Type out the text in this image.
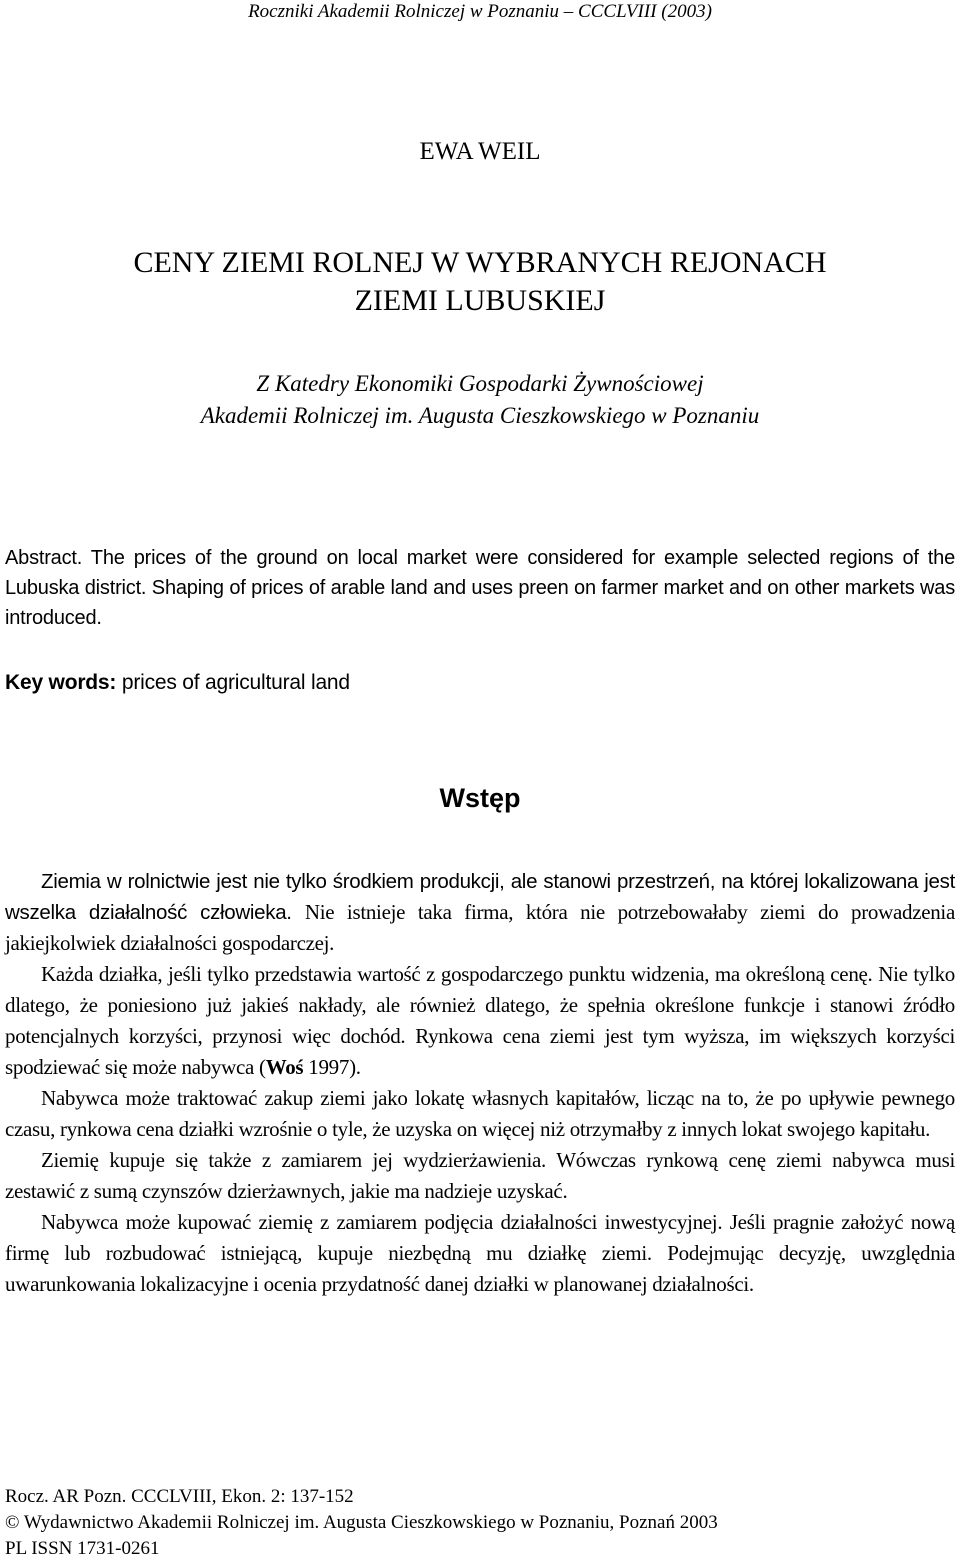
Roczniki Akademii Rolniczej w Poznaniu – CCCLVIII (2003)
EWA WEIL
CENY ZIEMI ROLNEJ W WYBRANYCH REJONACH
ZIEMI LUBUSKIEJ
Z Katedry Ekonomiki Gospodarki Żywnościowej
Akademii Rolniczej im. Augusta Cieszkowskiego w Poznaniu
Abstract. The prices of the ground on local market were considered for example selected regions of the Lubuska district. Shaping of prices of arable land and uses preen on farmer market and on other markets was introduced.
Key words: prices of agricultural land
Wstęp

Ziemia w rolnictwie jest nie tylko środkiem produkcji, ale stanowi przestrzeń, na której lokalizowana jest wszelka działalność człowieka. Nie istnieje taka firma, która nie potrzebowałaby ziemi do prowadzenia jakiejkolwiek działalności gospodarczej.

Każda działka, jeśli tylko przedstawia wartość z gospodarczego punktu widzenia, ma określoną cenę. Nie tylko dlatego, że poniesiono już jakieś nakłady, ale również dlatego, że spełnia określone funkcje i stanowi źródło potencjalnych korzyści, przynosi więc dochód. Rynkowa cena ziemi jest tym wyższa, im większych korzyści spodziewać się może nabywca (Woś 1997).

Nabywca może traktować zakup ziemi jako lokatę własnych kapitałów, licząc na to, że po upływie pewnego czasu, rynkowa cena działki wzrośnie o tyle, że uzyska on więcej niż otrzymałby z innych lokat swojego kapitału.

Ziemię kupuje się także z zamiarem jej wydzierżawienia. Wówczas rynkową cenę ziemi nabywca musi zestawić z sumą czynszów dzierżawnych, jakie ma nadzieje uzyskać.

Nabywca może kupować ziemię z zamiarem podjęcia działalności inwestycyjnej. Jeśli pragnie założyć nową firmę lub rozbudować istniejącą, kupuje niezbędną mu działkę ziemi. Podejmując decyzję, uwzględnia uwarunkowania lokalizacyjne i ocenia przydatność danej działki w planowanej działalności.

Rocz. AR Pozn. CCCLVIII, Ekon. 2: 137-152
© Wydawnictwo Akademii Rolniczej im. Augusta Cieszkowskiego w Poznaniu, Poznań 2003
PL ISSN 1731-0261
